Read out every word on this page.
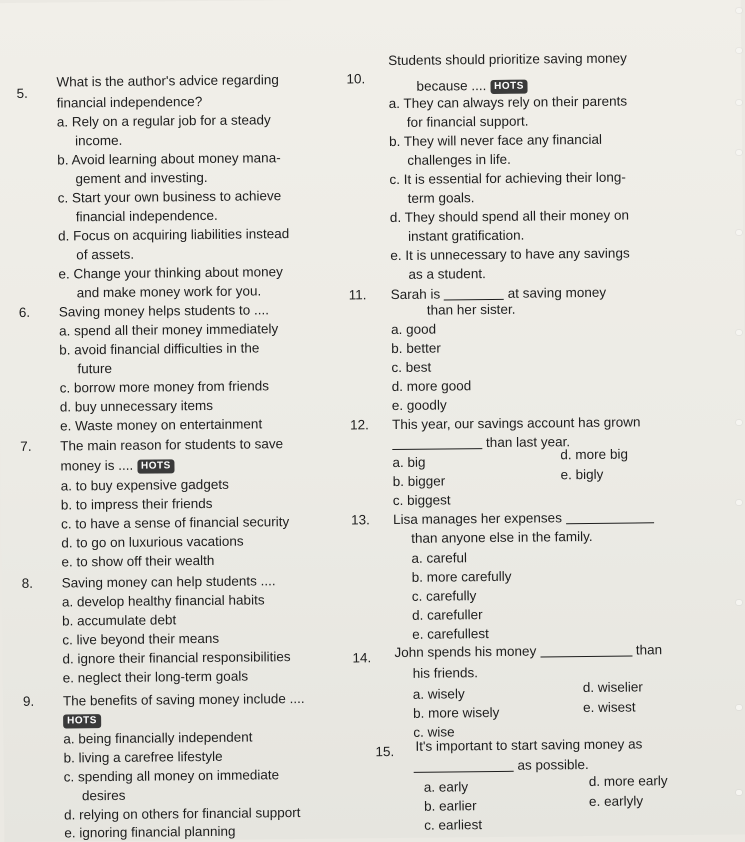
5.
What is the author's advice regarding
financial independence?
a. Rely on a regular job for a steady
income.
b. Avoid learning about money mana-
gement and investing.
c. Start your own business to achieve
financial independence.
d. Focus on acquiring liabilities instead
of assets.
e. Change your thinking about money
and make money work for you.
6. Saving money helps students to ....
a. spend all their money immediately
b. avoid financial difficulties in the
future
c. borrow more money from friends
d. buy unnecessary items
e. Waste money on entertainment
7. The main reason for students to save
money is .... HOTS
a. to buy expensive gadgets
b. to impress their friends
c. to have a sense of financial security
d. to go on luxurious vacations
e. to show off their wealth
8. Saving money can help students ....
a. develop healthy financial habits
b. accumulate debt
c. live beyond their means
d. ignore their financial responsibilities
e. neglect their long-term goals
9. The benefits of saving money include ....
HOTS
a. being financially independent
b. living a carefree lifestyle
c. spending all money on immediate
desires
d. relying on others for financial support
e. ignoring financial planning
10.
Students should prioritize saving money
because .... HOTS
a. They can always rely on their parents
for financial support.
b. They will never face any financial
challenges in life.
c. It is essential for achieving their long-
term goals.
d. They should spend all their money on
instant gratification.
e. It is unnecessary to have any savings
as a student.
11. Sarah is	at saving money
than her sister.
a. good
b. better
c. best
d. more good
e. goodly
12. This year, our savings account has grown
than last year.
a. big
d. more big
b. bigger	e. bigly
c. biggest
13. Lisa manages her expenses
than anyone else in the family.
a. careful
b. more carefully
c. carefully
d. carefuller
e. carefullest
14. John spends his money	than
his friends.
a. wisely	d. wiselier
b. more wisely	e. wisest
c. wise
15. It's important to start saving money as
as possible.
a. early	d. more early
b. earlier	e. earlyly
c. earliest
